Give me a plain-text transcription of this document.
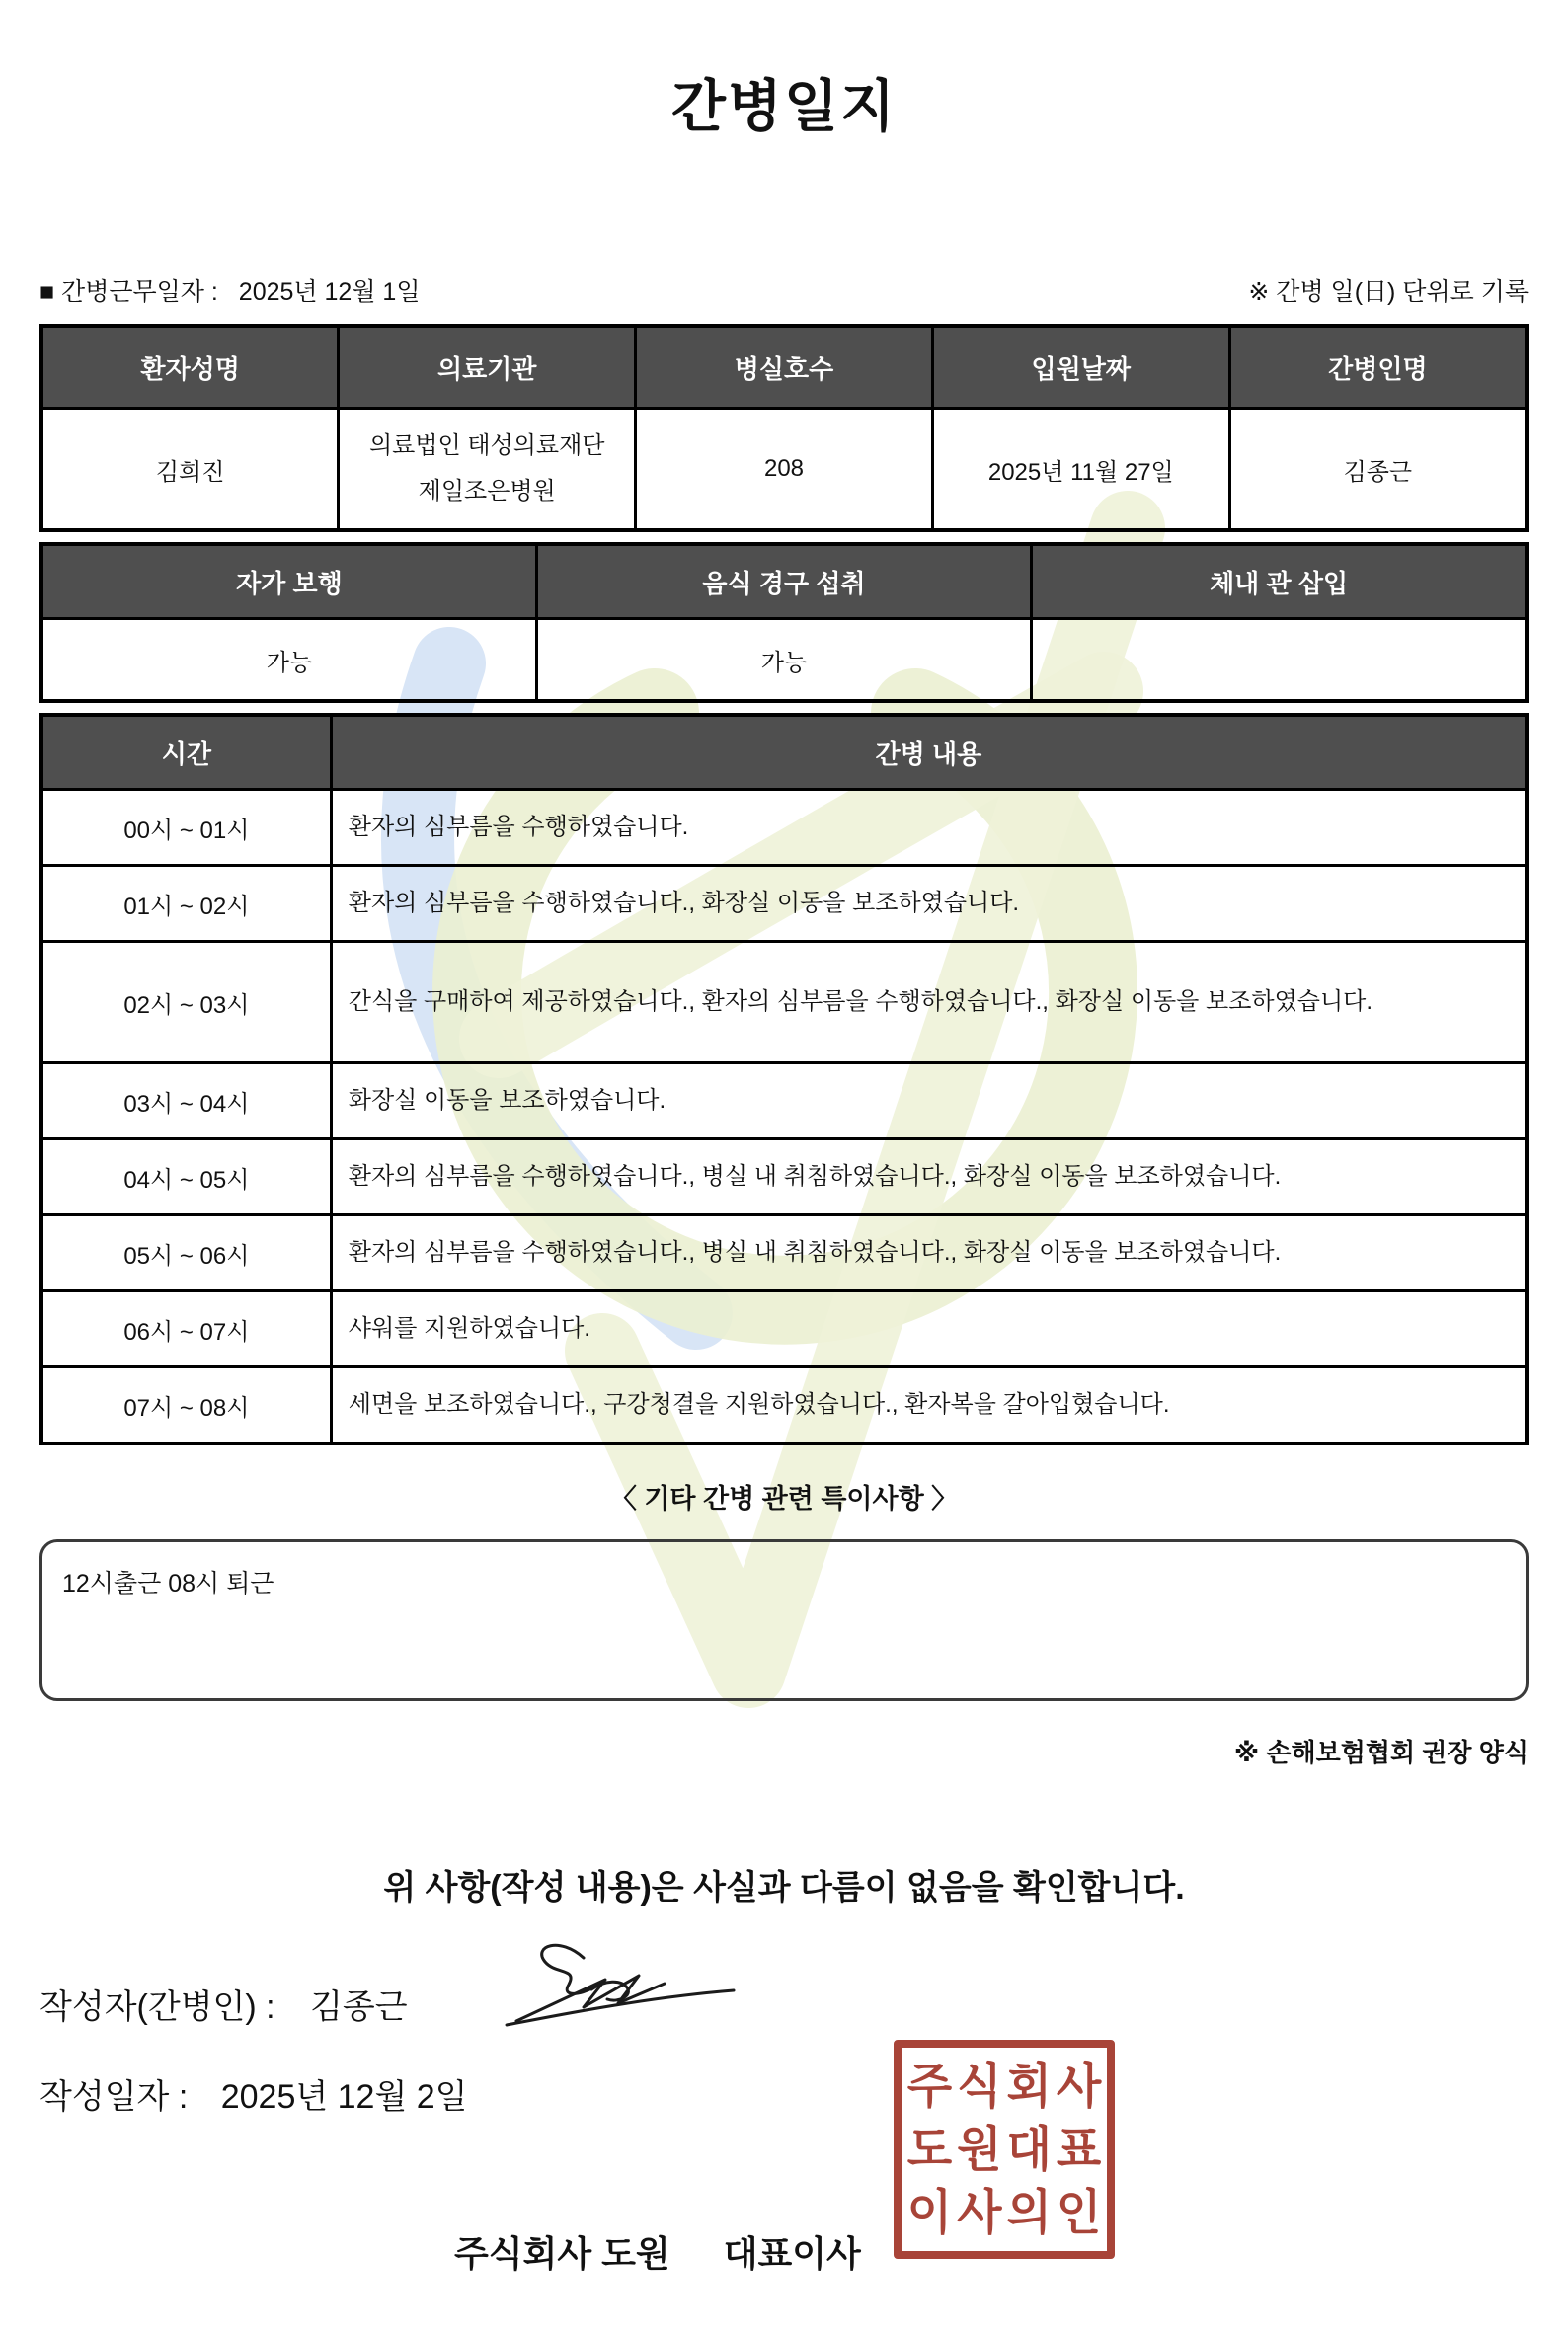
간병일지
■ 간병근무일자 : 2025년 12월 1일	※ 간병 일(日) 단위로 기록
환자성명	의료기관	병실호수	입원날짜	간병인명
김희진	의료법인 태성의료재단 제일조은병원	208	2025년 11월 27일	김종근
자가 보행	음식 경구 섭취	체내 관 삽입
가능	가능	
시간	간병 내용
00시 ~ 01시	환자의 심부름을 수행하였습니다.
01시 ~ 02시	환자의 심부름을 수행하였습니다., 화장실 이동을 보조하였습니다.
02시 ~ 03시	간식을 구매하여 제공하였습니다., 환자의 심부름을 수행하였습니다., 화장실 이동을 보조하였습니다.
03시 ~ 04시	화장실 이동을 보조하였습니다.
04시 ~ 05시	환자의 심부름을 수행하였습니다., 병실 내 취침하였습니다., 화장실 이동을 보조하였습니다.
05시 ~ 06시	환자의 심부름을 수행하였습니다., 병실 내 취침하였습니다., 화장실 이동을 보조하였습니다.
06시 ~ 07시	샤워를 지원하였습니다.
07시 ~ 08시	세면을 보조하였습니다., 구강청결을 지원하였습니다., 환자복을 갈아입혔습니다.
〈 기타 간병 관련 특이사항 〉
12시출근 08시 퇴근
※ 손해보험협회 권장 양식
위 사항(작성 내용)은 사실과 다름이 없음을 확인합니다.
작성자(간병인) : 김종근
작성일자 : 2025년 12월 2일
주식회사 도원 대표이사
주식회사
도원대표
이사의인
